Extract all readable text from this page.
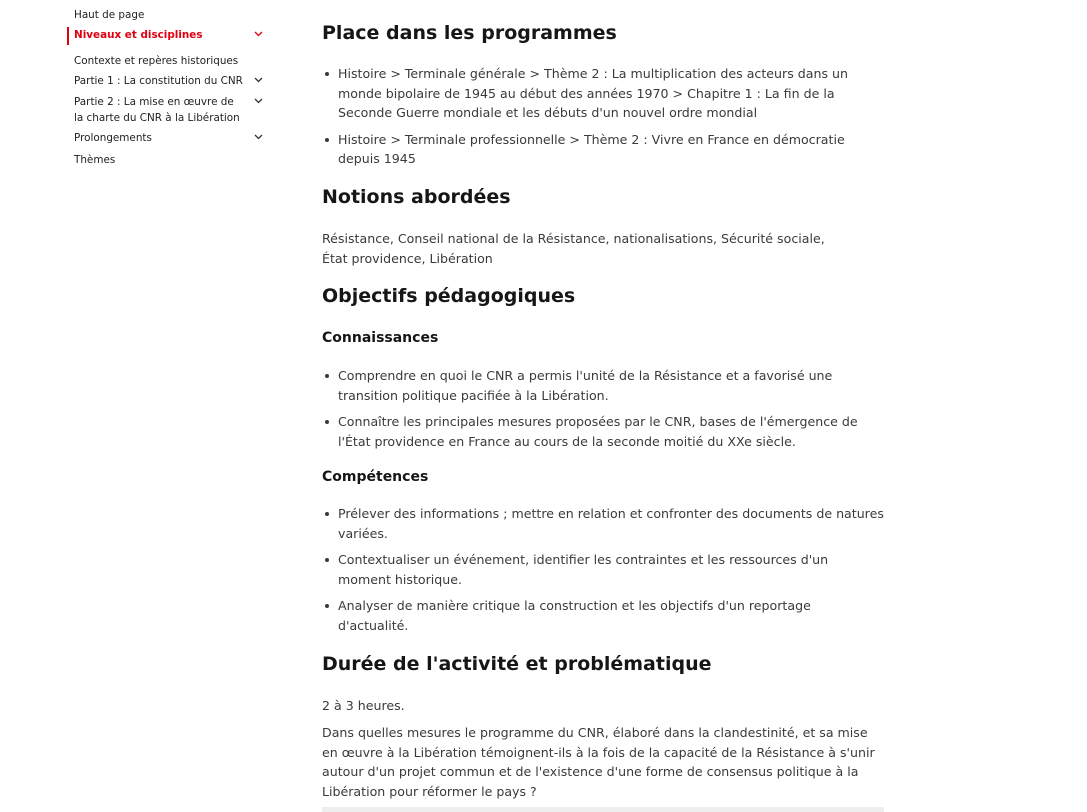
Haut de page
Niveaux et disciplines
Contexte et repères historiques
Partie 1 : La constitution du CNR
Partie 2 : La mise en œuvre de la charte du CNR à la Libération
Prolongements
Thèmes
Place dans les programmes
Histoire > Terminale générale > Thème 2 : La multiplication des acteurs dans un monde bipolaire de 1945 au début des années 1970 > Chapitre 1 : La fin de la Seconde Guerre mondiale et les débuts d'un nouvel ordre mondial
Histoire > Terminale professionnelle > Thème 2 : Vivre en France en démocratie depuis 1945
Notions abordées

Résistance, Conseil national de la Résistance, nationalisations, Sécurité sociale,
État providence, Libération

Objectifs pédagogiques
Connaissances
Comprendre en quoi le CNR a permis l'unité de la Résistance et a favorisé une transition politique pacifiée à la Libération.
Connaître les principales mesures proposées par le CNR, bases de l'émergence de l'État providence en France au cours de la seconde moitié du XXe siècle.
Compétences
Prélever des informations ; mettre en relation et confronter des documents de natures variées.
Contextualiser un événement, identifier les contraintes et les ressources d'un moment historique.
Analyser de manière critique la construction et les objectifs d'un reportage d'actualité.
Durée de l'activité et problématique

2 à 3 heures.

Dans quelles mesures le programme du CNR, élaboré dans la clandestinité, et sa mise en œuvre à la Libération témoignent-ils à la fois de la capacité de la Résistance à s'unir autour d'un projet commun et de l'existence d'une forme de consensus politique à la Libération pour réformer le pays ?
